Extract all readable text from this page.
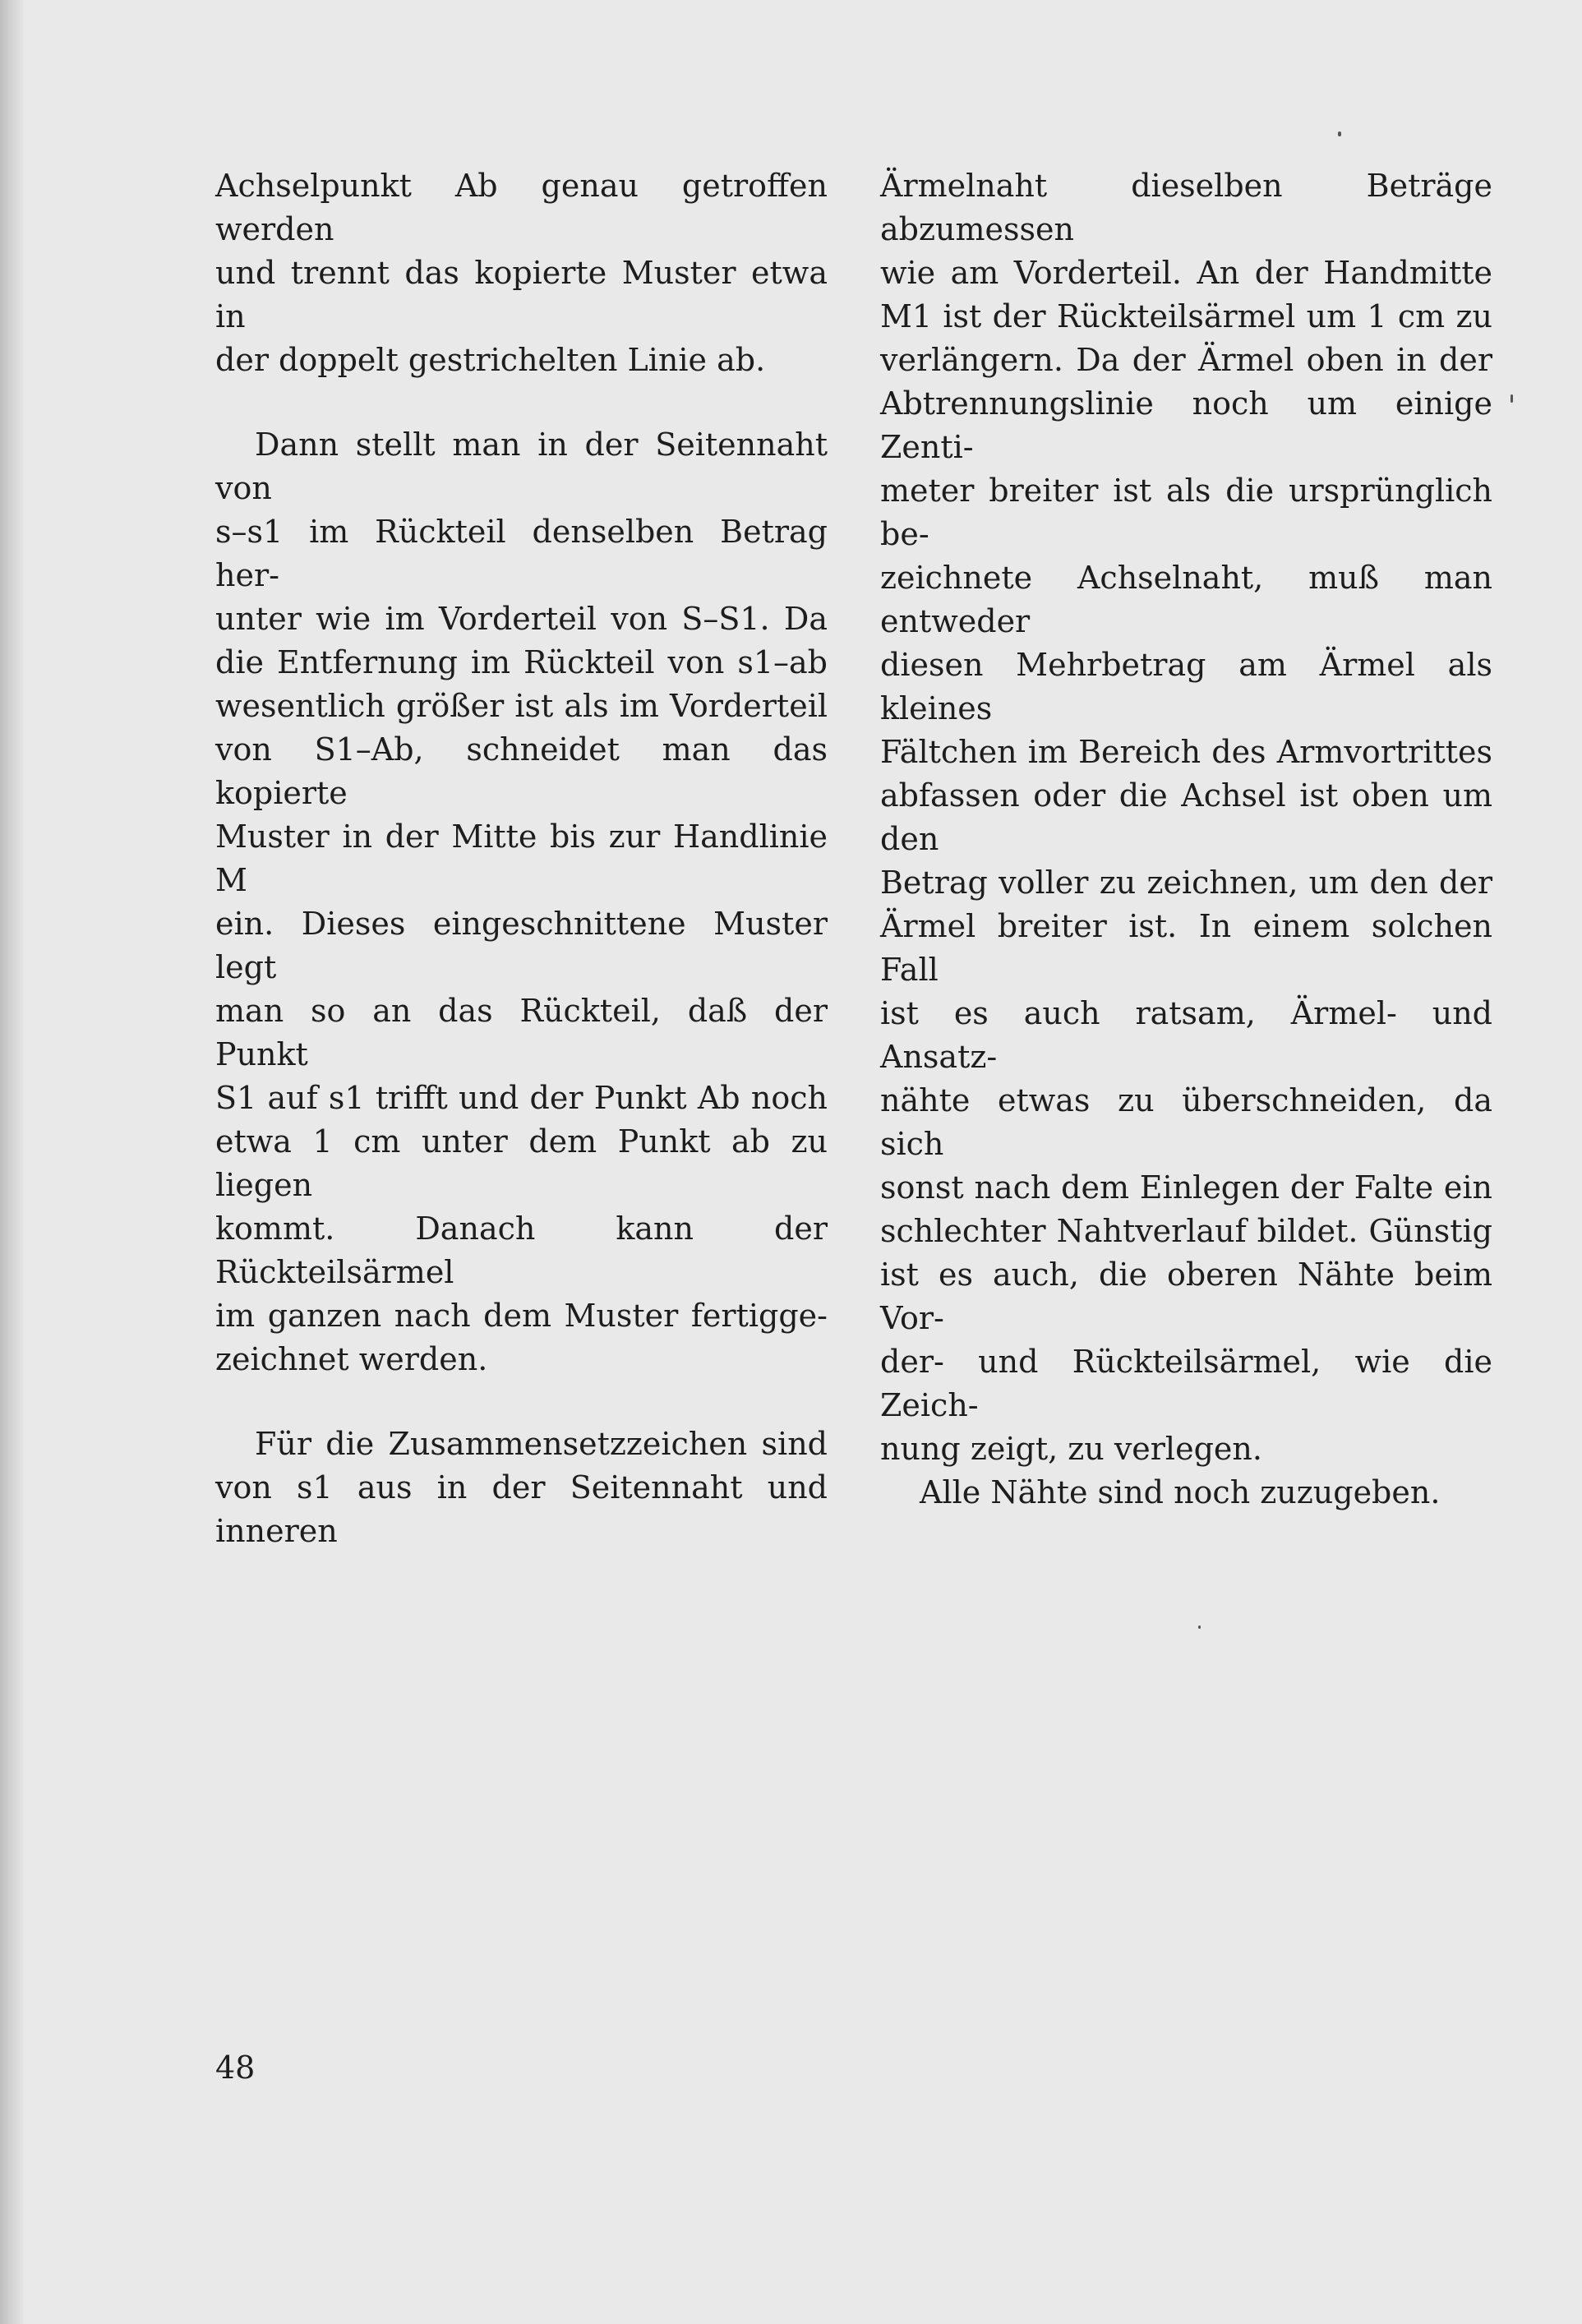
Achselpunkt Ab genau getroffen werden
und trennt das kopierte Muster etwa in
der doppelt gestrichelten Linie ab.

Dann stellt man in der Seitennaht von
s–s1 im Rückteil denselben Betrag her-
unter wie im Vorderteil von S–S1. Da
die Entfernung im Rückteil von s1–ab
wesentlich größer ist als im Vorderteil
von S1–Ab, schneidet man das kopierte
Muster in der Mitte bis zur Handlinie M
ein. Dieses eingeschnittene Muster legt
man so an das Rückteil, daß der Punkt
S1 auf s1 trifft und der Punkt Ab noch
etwa 1 cm unter dem Punkt ab zu liegen
kommt. Danach kann der Rückteilsärmel
im ganzen nach dem Muster fertigge-
zeichnet werden.

Für die Zusammensetzzeichen sind
von s1 aus in der Seitennaht und inneren

Ärmelnaht dieselben Beträge abzumessen
wie am Vorderteil. An der Handmitte
M1 ist der Rückteilsärmel um 1 cm zu
verlängern. Da der Ärmel oben in der
Abtrennungslinie noch um einige Zenti-
meter breiter ist als die ursprünglich be-
zeichnete Achselnaht, muß man entweder
diesen Mehrbetrag am Ärmel als kleines
Fältchen im Bereich des Armvortrittes
abfassen oder die Achsel ist oben um den
Betrag voller zu zeichnen, um den der
Ärmel breiter ist. In einem solchen Fall
ist es auch ratsam, Ärmel- und Ansatz-
nähte etwas zu überschneiden, da sich
sonst nach dem Einlegen der Falte ein
schlechter Nahtverlauf bildet. Günstig
ist es auch, die oberen Nähte beim Vor-
der- und Rückteilsärmel, wie die Zeich-
nung zeigt, zu verlegen.

Alle Nähte sind noch zuzugeben.

48
